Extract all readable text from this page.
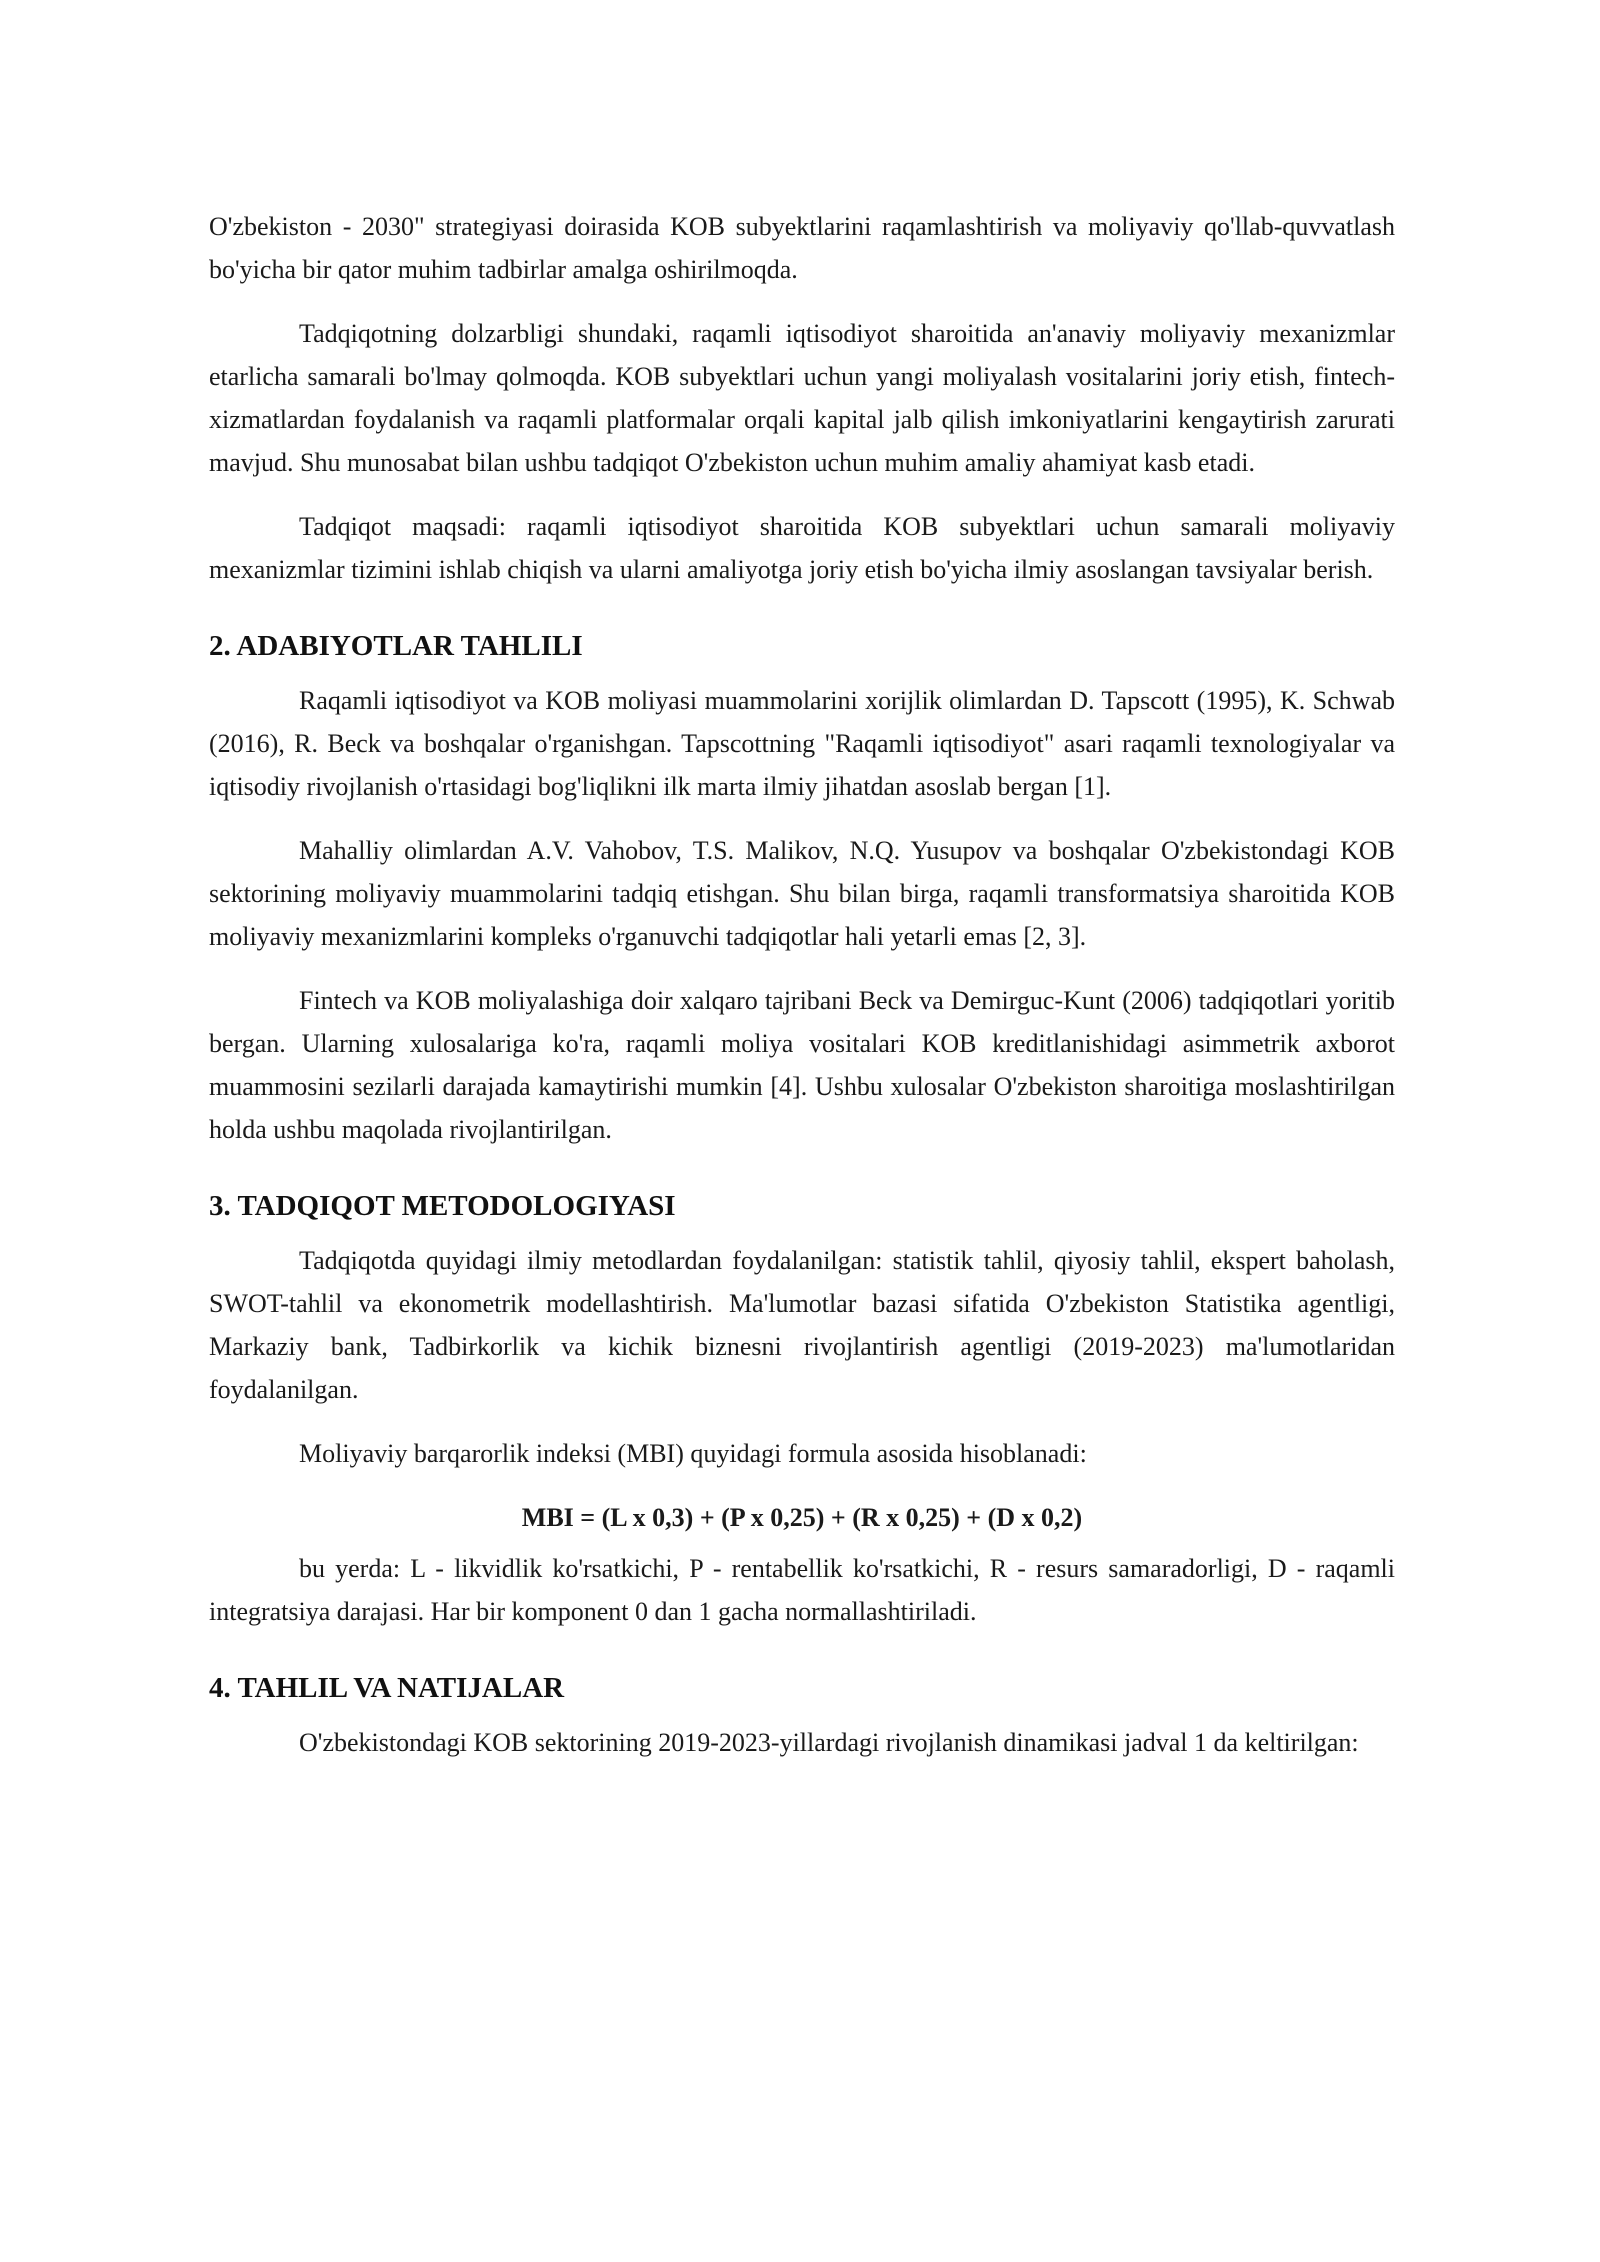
O'zbekiston - 2030" strategiyasi doirasida KOB subyektlarini raqamlashtirish va moliyaviy qo'llab-quvvatlash bo'yicha bir qator muhim tadbirlar amalga oshirilmoqda.

Tadqiqotning dolzarbligi shundaki, raqamli iqtisodiyot sharoitida an'anaviy moliyaviy mexanizmlar etarlicha samarali bo'lmay qolmoqda. KOB subyektlari uchun yangi moliyalash vositalarini joriy etish, fintech-xizmatlardan foydalanish va raqamli platformalar orqali kapital jalb qilish imkoniyatlarini kengaytirish zarurati mavjud. Shu munosabat bilan ushbu tadqiqot O'zbekiston uchun muhim amaliy ahamiyat kasb etadi.

Tadqiqot maqsadi: raqamli iqtisodiyot sharoitida KOB subyektlari uchun samarali moliyaviy mexanizmlar tizimini ishlab chiqish va ularni amaliyotga joriy etish bo'yicha ilmiy asoslangan tavsiyalar berish.

2. ADABIYOTLAR TAHLILI

Raqamli iqtisodiyot va KOB moliyasi muammolarini xorijlik olimlardan D. Tapscott (1995), K. Schwab (2016), R. Beck va boshqalar o'rganishgan. Tapscottning "Raqamli iqtisodiyot" asari raqamli texnologiyalar va iqtisodiy rivojlanish o'rtasidagi bog'liqlikni ilk marta ilmiy jihatdan asoslab bergan [1].

Mahalliy olimlardan A.V. Vahobov, T.S. Malikov, N.Q. Yusupov va boshqalar O'zbekistondagi KOB sektorining moliyaviy muammolarini tadqiq etishgan. Shu bilan birga, raqamli transformatsiya sharoitida KOB moliyaviy mexanizmlarini kompleks o'rganuvchi tadqiqotlar hali yetarli emas [2, 3].

Fintech va KOB moliyalashiga doir xalqaro tajribani Beck va Demirguc-Kunt (2006) tadqiqotlari yoritib bergan. Ularning xulosalariga ko'ra, raqamli moliya vositalari KOB kreditlanishidagi asimmetrik axborot muammosini sezilarli darajada kamaytirishi mumkin [4]. Ushbu xulosalar O'zbekiston sharoitiga moslashtirilgan holda ushbu maqolada rivojlantirilgan.

3. TADQIQOT METODOLOGIYASI

Tadqiqotda quyidagi ilmiy metodlardan foydalanilgan: statistik tahlil, qiyosiy tahlil, ekspert baholash, SWOT-tahlil va ekonometrik modellashtirish. Ma'lumotlar bazasi sifatida O'zbekiston Statistika agentligi, Markaziy bank, Tadbirkorlik va kichik biznesni rivojlantirish agentligi (2019-2023) ma'lumotlaridan foydalanilgan.

Moliyaviy barqarorlik indeksi (MBI) quyidagi formula asosida hisoblanadi:

MBI = (L x 0,3) + (P x 0,25) + (R x 0,25) + (D x 0,2)

bu yerda: L - likvidlik ko'rsatkichi, P - rentabellik ko'rsatkichi, R - resurs samaradorligi, D - raqamli integratsiya darajasi. Har bir komponent 0 dan 1 gacha normallashtiriladi.

4. TAHLIL VA NATIJALAR

O'zbekistondagi KOB sektorining 2019-2023-yillardagi rivojlanish dinamikasi jadval 1 da keltirilgan:
